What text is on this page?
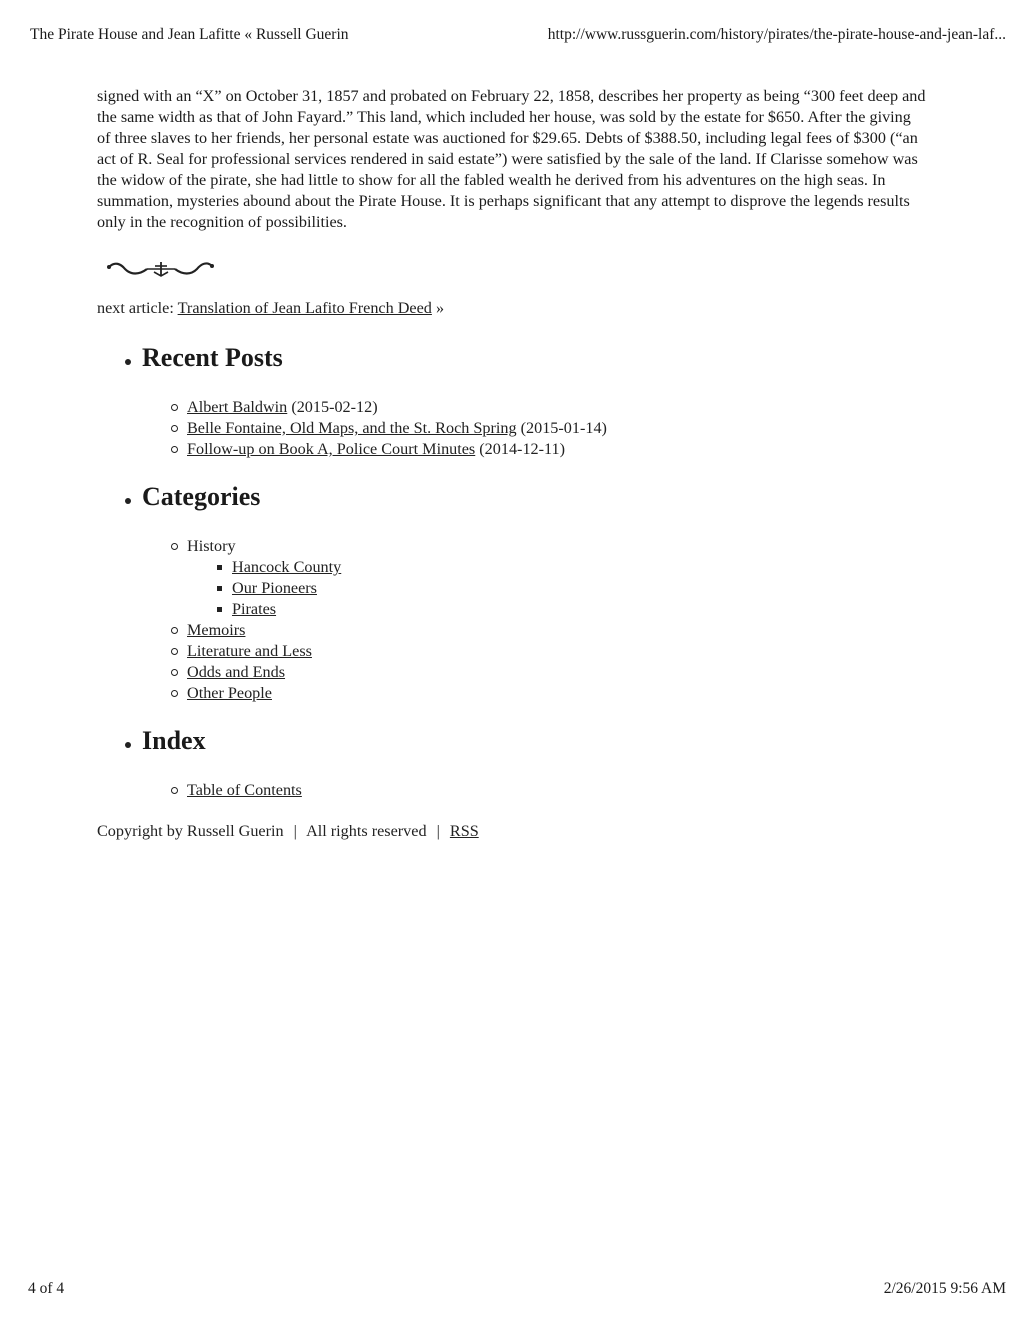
The Pirate House and Jean Lafitte « Russell Guerin	http://www.russguerin.com/history/pirates/the-pirate-house-and-jean-laf...

signed with an “X” on October 31, 1857 and probated on February 22, 1858, describes her property as being “300 feet deep and the same width as that of John Fayard.” This land, which included her house, was sold by the estate for $650. After the giving of three slaves to her friends, her personal estate was auctioned for $29.65. Debts of $388.50, including legal fees of $300 (“an act of R. Seal for professional services rendered in said estate”) were satisfied by the sale of the land. If Clarisse somehow was the widow of the pirate, she had little to show for all the fabled wealth he derived from his adventures on the high seas. In summation, mysteries abound about the Pirate House. It is perhaps significant that any attempt to disprove the legends results only in the recognition of possibilities.

next article: Translation of Jean Lafito French Deed »

Recent Posts
Albert Baldwin (2015-02-12)
Belle Fontaine, Old Maps, and the St. Roch Spring (2015-01-14)
Follow-up on Book A, Police Court Minutes (2014-12-11)
Categories
History
Hancock County
Our Pioneers
Pirates
Memoirs
Literature and Less
Odds and Ends
Other People
Index
Table of Contents

Copyright by Russell Guerin | All rights reserved | RSS

4 of 4	2/26/2015 9:56 AM
